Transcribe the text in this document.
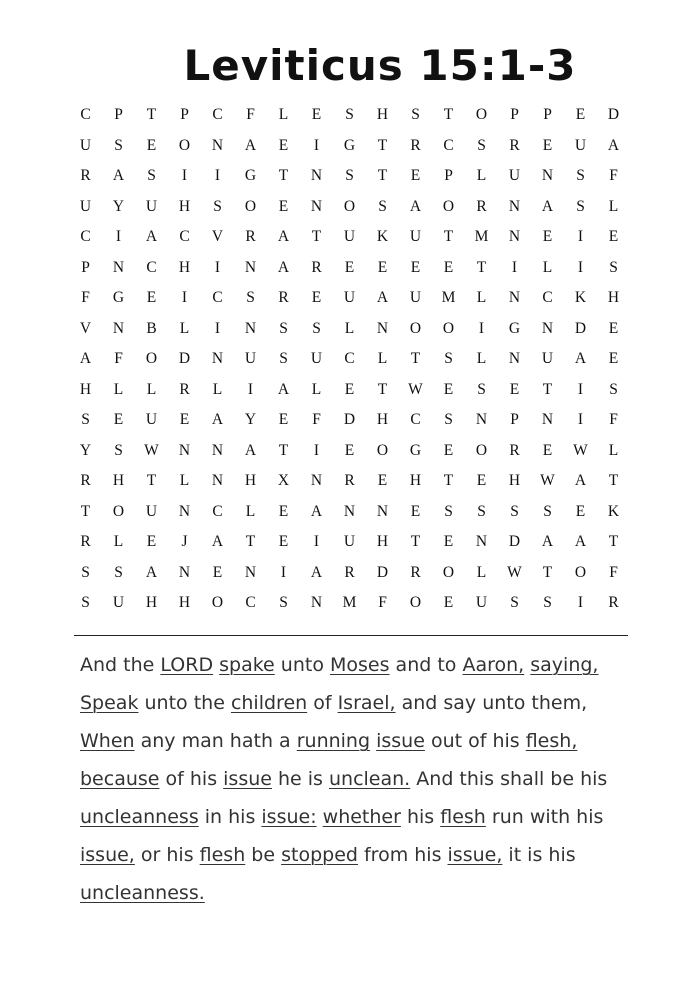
Leviticus 15:1-3
C	P	T	P	C	F	L	E	S	H	S	T	O	P	P	E	D
U	S	E	O	N	A	E	I	G	T	R	C	S	R	E	U	A
R	A	S	I	I	G	T	N	S	T	E	P	L	U	N	S	F
U	Y	U	H	S	O	E	N	O	S	A	O	R	N	A	S	L
C	I	A	C	V	R	A	T	U	K	U	T	M	N	E	I	E
P	N	C	H	I	N	A	R	E	E	E	E	T	I	L	I	S
F	G	E	I	C	S	R	E	U	A	U	M	L	N	C	K	H
V	N	B	L	I	N	S	S	L	N	O	O	I	G	N	D	E
A	F	O	D	N	U	S	U	C	L	T	S	L	N	U	A	E
H	L	L	R	L	I	A	L	E	T	W	E	S	E	T	I	S
S	E	U	E	A	Y	E	F	D	H	C	S	N	P	N	I	F
Y	S	W	N	N	A	T	I	E	O	G	E	O	R	E	W	L
R	H	T	L	N	H	X	N	R	E	H	T	E	H	W	A	T
T	O	U	N	C	L	E	A	N	N	E	S	S	S	S	E	K
R	L	E	J	A	T	E	I	U	H	T	E	N	D	A	A	T
S	S	A	N	E	N	I	A	R	D	R	O	L	W	T	O	F
S	U	H	H	O	C	S	N	M	F	O	E	U	S	S	I	R

And the LORD spake unto Moses and to Aaron, saying, Speak unto the children of Israel, and say unto them, When any man hath a running issue out of his flesh, because of his issue he is unclean. And this shall be his uncleanness in his issue: whether his flesh run with his issue, or his flesh be stopped from his issue, it is his uncleanness.
